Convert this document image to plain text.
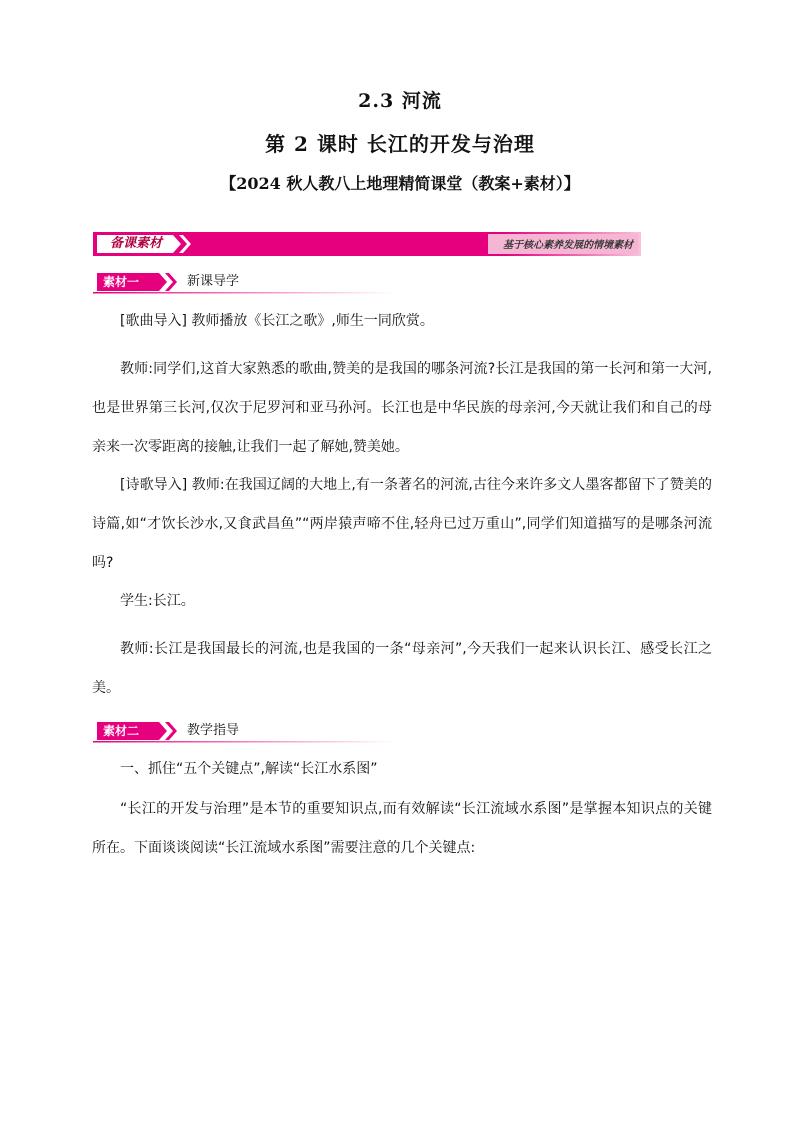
2.3 河流
第 2 课时 长江的开发与治理
【2024 秋人教八上地理精简课堂（教案+素材）】
备课素材	基于核心素养发展的情境素材
素材一	新课导学

[歌曲导入] 教师播放《长江之歌》,师生一同欣赏。

教师:同学们,这首大家熟悉的歌曲,赞美的是我国的哪条河流?长江是我国的第一长河和第一大河,也是世界第三长河,仅次于尼罗河和亚马孙河。长江也是中华民族的母亲河,今天就让我们和自己的母亲来一次零距离的接触,让我们一起了解她,赞美她。

[诗歌导入] 教师:在我国辽阔的大地上,有一条著名的河流,古往今来许多文人墨客都留下了赞美的诗篇,如“才饮长沙水,又食武昌鱼”“两岸猿声啼不住,轻舟已过万重山”,同学们知道描写的是哪条河流吗?

学生:长江。

教师:长江是我国最长的河流,也是我国的一条“母亲河”,今天我们一起来认识长江、感受长江之美。

素材二	教学指导

一、抓住“五个关键点”,解读“长江水系图”

“长江的开发与治理”是本节的重要知识点,而有效解读“长江流域水系图”是掌握本知识点的关键所在。下面谈谈阅读“长江流域水系图”需要注意的几个关键点:
